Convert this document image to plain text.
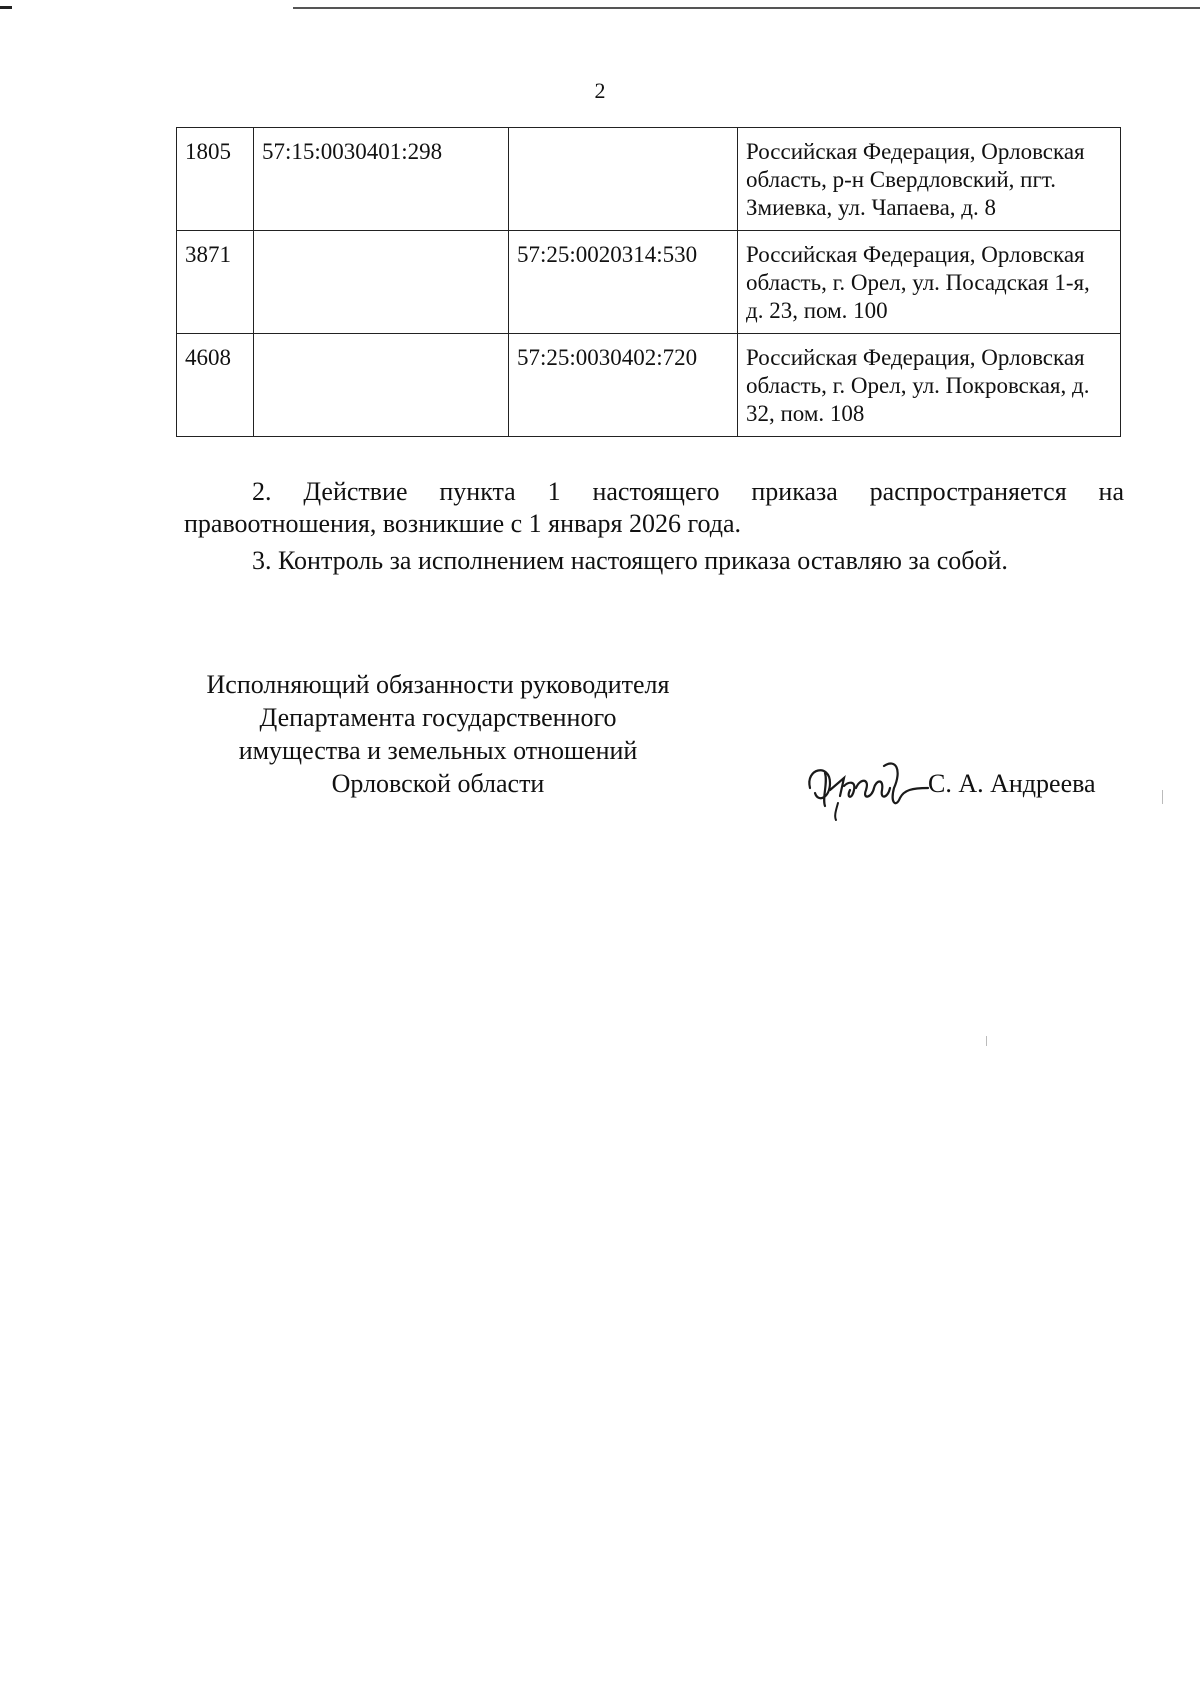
2
1805	57:15:0030401:298		Российская Федерация, Орловская область, р-н Свердловский, пгт. Змиевка, ул. Чапаева, д. 8
3871		57:25:0020314:530	Российская Федерация, Орловская область, г. Орел, ул. Посадская 1-я, д. 23, пом. 100
4608		57:25:0030402:720	Российская Федерация, Орловская область, г. Орел, ул. Покровская, д. 32, пом. 108
2. Действие пункта 1 настоящего приказа распространяется на правоотношения, возникшие с 1 января 2026 года.
3. Контроль за исполнением настоящего приказа оставляю за собой.
Исполняющий обязанности руководителя
Департамента государственного
имущества и земельных отношений
Орловской области	С. А. Андреева
